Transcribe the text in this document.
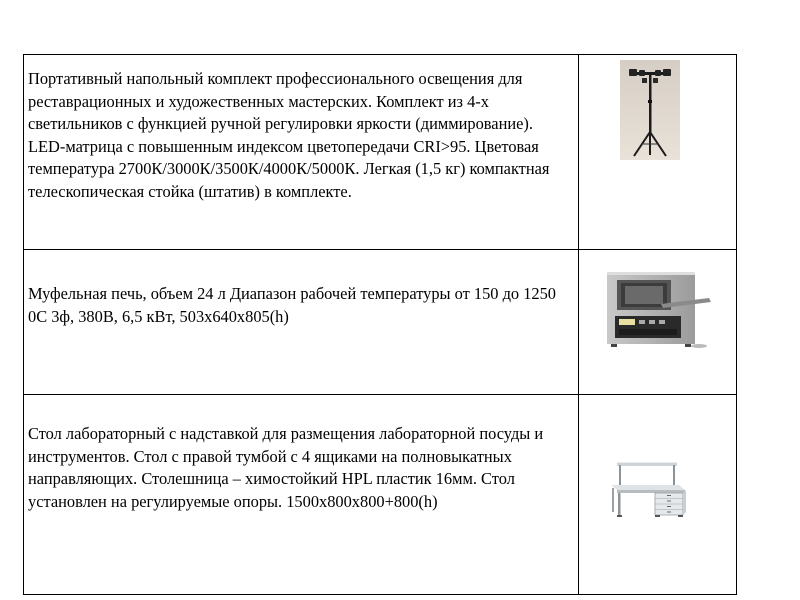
Портативный напольный комплект профессионального освещения для реставрационных и художественных мастерских. Комплект из 4-х светильников с функцией ручной регулировки яркости (диммирование). LED-матрица с повышенным индексом цветопередачи CRI>95. Цветовая температура 2700К/3000К/3500К/4000К/5000К. Легкая (1,5 кг) компактная телескопическая стойка (штатив) в комплекте.	

Муфельная печь, объем 24 л Диапазон рабочей температуры от 150 до 1250 0С 3ф, 380В, 6,5 кВт, 503х640х805(h)	

Стол лабораторный с надставкой для размещения лабораторной посуды и инструментов. Стол с правой тумбой с 4 ящиками на полновыкатных направляющих. Столешница – химостойкий HPL пластик 16мм. Стол установлен на регулируемые опоры. 1500х800х800+800(h)	
